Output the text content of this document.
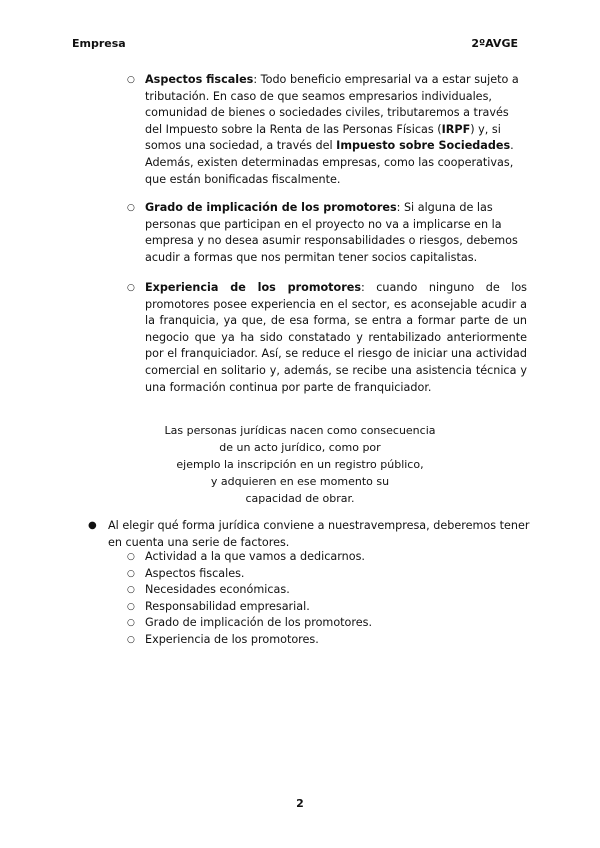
Empresa	2ºAVGE
○ Aspectos fiscales: Todo beneficio empresarial va a estar sujeto a tributación. En caso de que seamos empresarios individuales, comunidad de bienes o sociedades civiles, tributaremos a través del Impuesto sobre la Renta de las Personas Físicas (IRPF) y, si somos una sociedad, a través del Impuesto sobre Sociedades. Además, existen determinadas empresas, como las cooperativas, que están bonificadas fiscalmente.
○ Grado de implicación de los promotores: Si alguna de las personas que participan en el proyecto no va a implicarse en la empresa y no desea asumir responsabilidades o riesgos, debemos acudir a formas que nos permitan tener socios capitalistas.
○ Experiencia de los promotores: cuando ninguno de los promotores posee experiencia en el sector, es aconsejable acudir a la franquicia, ya que, de esa forma, se entra a formar parte de un negocio que ya ha sido constatado y rentabilizado anteriormente por el franquiciador. Así, se reduce el riesgo de iniciar una actividad comercial en solitario y, además, se recibe una asistencia técnica y una formación continua por parte de franquiciador.
Las personas jurídicas nacen como consecuencia
de un acto jurídico, como por
ejemplo la inscripción en un registro público,
y adquieren en ese momento su
capacidad de obrar.
● Al elegir qué forma jurídica conviene a nuestravempresa, deberemos tener en cuenta una serie de factores.
○ Actividad a la que vamos a dedicarnos.
○ Aspectos fiscales.
○ Necesidades económicas.
○ Responsabilidad empresarial.
○ Grado de implicación de los promotores.
○ Experiencia de los promotores.
2
